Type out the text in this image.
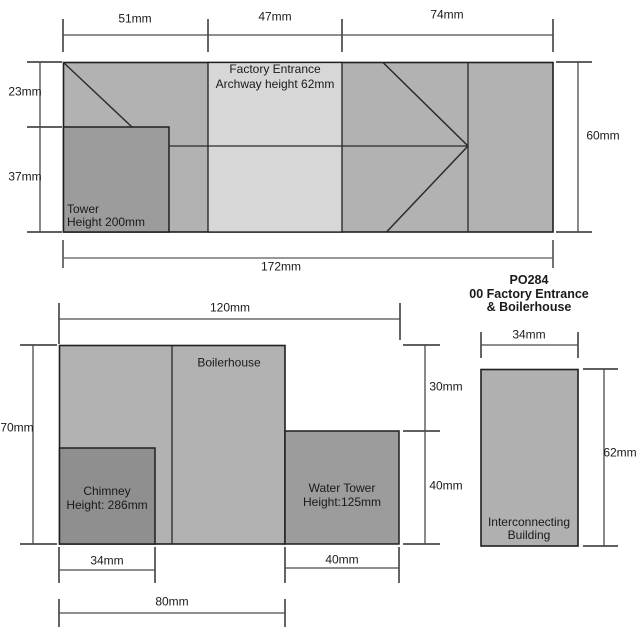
51mm	47mm	74mm
23mm
37mm
60mm
172mm
Factory Entrance
Archway height 62mm
Tower
Height 200mm
PO284
00 Factory Entrance
& Boilerhouse
120mm
70mm
Boilerhouse
30mm
40mm
Chimney
Height: 286mm
Water Tower
Height:125mm
34mm	40mm
80mm
34mm
62mm
Interconnecting
Building
